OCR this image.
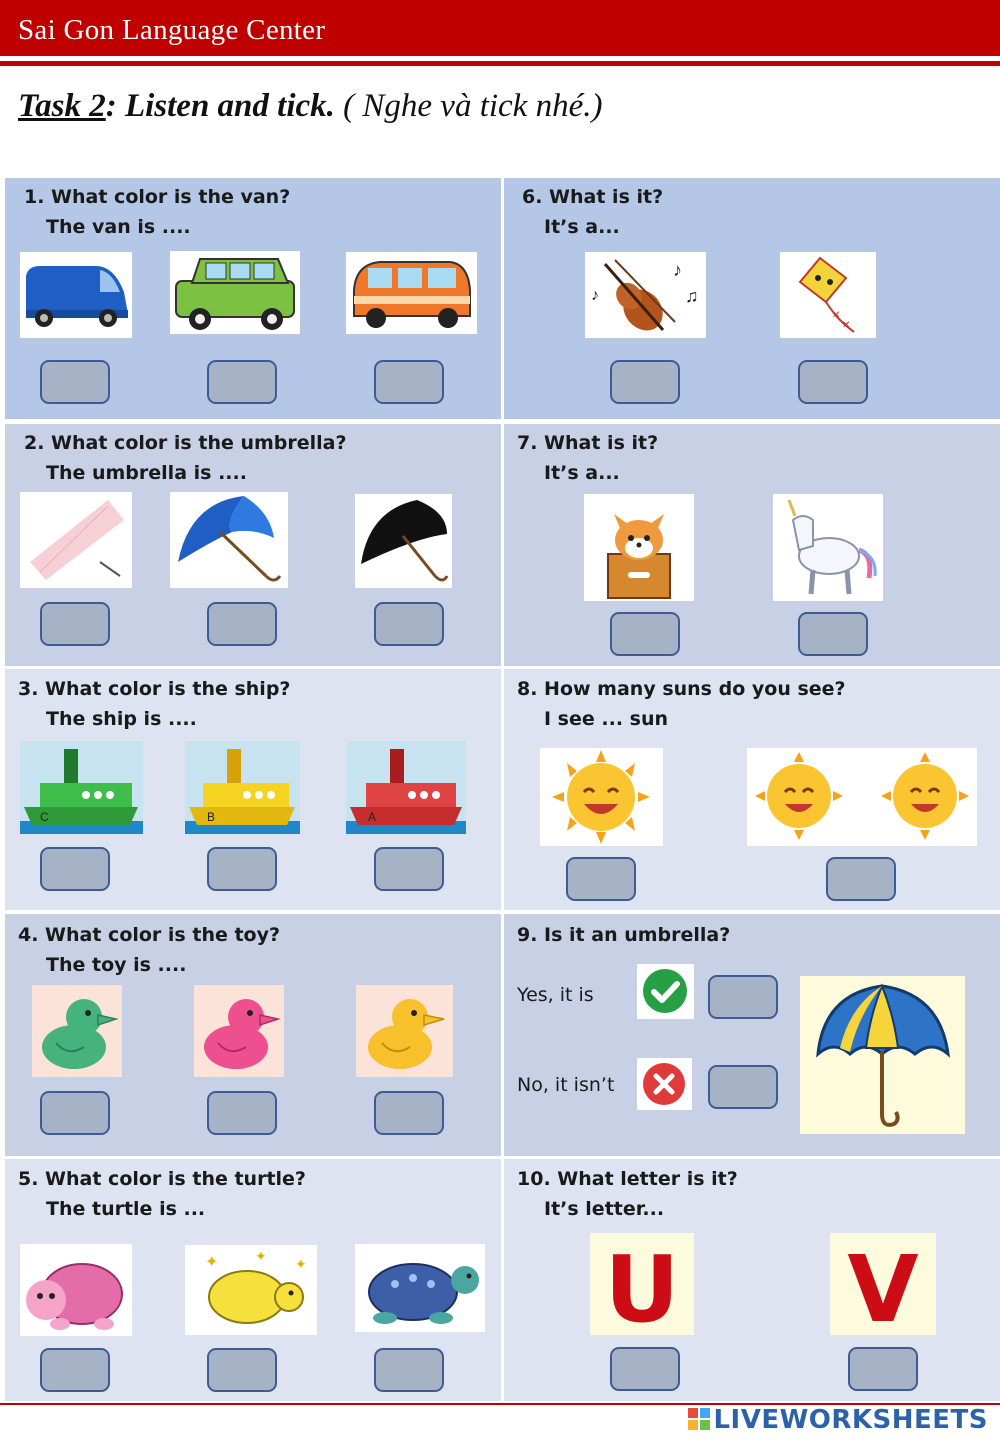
Sai Gon Language Center
Task 2: Listen and tick. ( Nghe và tick nhé.)
1. What color is the van?
The van is ....
6. What is it?
It’s a...
♪
♫
♪
✕
✕
2. What color is the umbrella?
The umbrella is ....
7. What is it?
It’s a...
3. What color is the ship?
The ship is ....
C	B	A
8. How many suns do you see?
I see ... sun
4. What color is the toy?
The toy is ....
9. Is it an umbrella?
Yes, it is
No, it isn’t
5. What color is the turtle?
The turtle is ...
✦	✦ ✦
10. What letter is it?
It’s letter...
U V
LIVEWORKSHEETS
